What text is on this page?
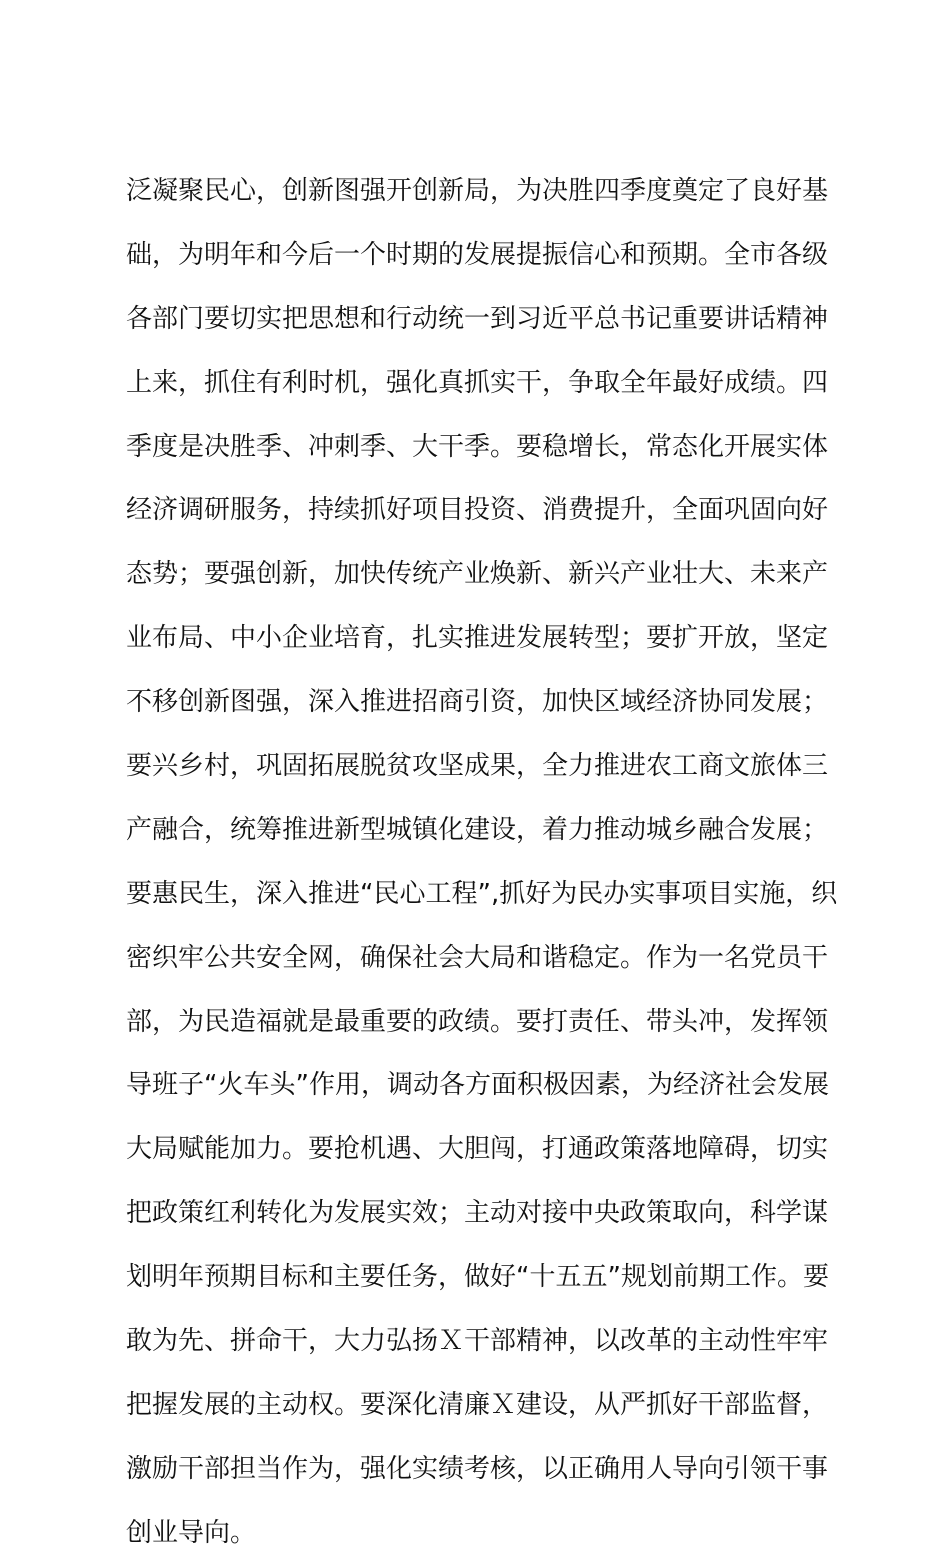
泛凝聚民心，创新图强开创新局，为决胜四季度奠定了良好基
础，为明年和今后一个时期的发展提振信心和预期。全市各级
各部门要切实把思想和行动统一到习近平总书记重要讲话精神
上来，抓住有利时机，强化真抓实干，争取全年最好成绩。四
季度是决胜季、冲刺季、大干季。要稳增长，常态化开展实体
经济调研服务，持续抓好项目投资、消费提升，全面巩固向好
态势；要强创新，加快传统产业焕新、新兴产业壮大、未来产
业布局、中小企业培育，扎实推进发展转型；要扩开放，坚定
不移创新图强，深入推进招商引资，加快区域经济协同发展；
要兴乡村，巩固拓展脱贫攻坚成果，全力推进农工商文旅体三
产融合，统筹推进新型城镇化建设，着力推动城乡融合发展；
要惠民生，深入推进“民心工程”,抓好为民办实事项目实施，织
密织牢公共安全网，确保社会大局和谐稳定。作为一名党员干
部，为民造福就是最重要的政绩。要打责任、带头冲，发挥领
导班子“火车头”作用，调动各方面积极因素，为经济社会发展
大局赋能加力。要抢机遇、大胆闯，打通政策落地障碍，切实
把政策红利转化为发展实效；主动对接中央政策取向，科学谋
划明年预期目标和主要任务，做好“十五五”规划前期工作。要
敢为先、拼命干，大力弘扬Ｘ干部精神，以改革的主动性牢牢
把握发展的主动权。要深化清廉Ｘ建设，从严抓好干部监督，
激励干部担当作为，强化实绩考核，以正确用人导向引领干事
创业导向。
